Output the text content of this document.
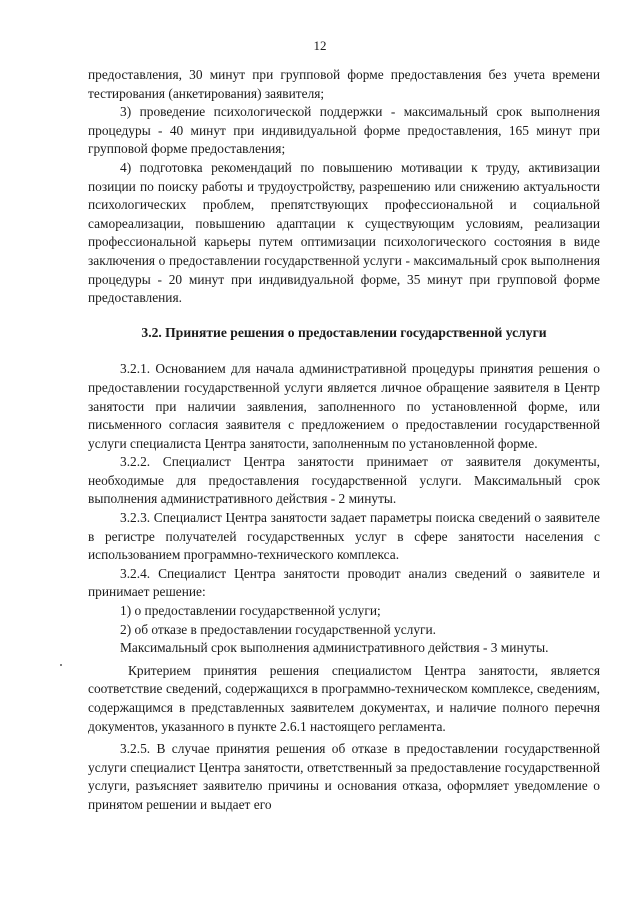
12

предоставления, 30 минут при групповой форме предоставления без учета времени тестирования (анкетирования) заявителя;

3) проведение психологической поддержки - максимальный срок выполнения процедуры - 40 минут при индивидуальной форме предоставления, 165 минут при групповой форме предоставления;

4) подготовка рекомендаций по повышению мотивации к труду, активизации позиции по поиску работы и трудоустройству, разрешению или снижению актуальности психологических проблем, препятствующих профессиональной и социальной самореализации, повышению адаптации к существующим условиям, реализации профессиональной карьеры путем оптимизации психологического состояния в виде заключения о предоставлении государственной услуги - максимальный срок выполнения процедуры - 20 минут при индивидуальной форме, 35 минут при групповой форме предоставления.

3.2. Принятие решения о предоставлении государственной услуги

3.2.1. Основанием для начала административной процедуры принятия решения о предоставлении государственной услуги является личное обращение заявителя в Центр занятости при наличии заявления, заполненного по установленной форме, или письменного согласия заявителя с предложением о предоставлении государственной услуги специалиста Центра занятости, заполненным по установленной форме.

3.2.2. Специалист Центра занятости принимает от заявителя документы, необходимые для предоставления государственной услуги. Максимальный срок выполнения административного действия - 2 минуты.

3.2.3. Специалист Центра занятости задает параметры поиска сведений о заявителе в регистре получателей государственных услуг в сфере занятости населения с использованием программно-технического комплекса.

3.2.4. Специалист Центра занятости проводит анализ сведений о заявителе и принимает решение:

1) о предоставлении государственной услуги;

2) об отказе в предоставлении государственной услуги.

Максимальный срок выполнения административного действия - 3 минуты.

Критерием принятия решения специалистом Центра занятости, является соответствие сведений, содержащихся в программно-техническом комплексе, сведениям, содержащимся в представленных заявителем документах, и наличие полного перечня документов, указанного в пункте 2.6.1 настоящего регламента.

3.2.5. В случае принятия решения об отказе в предоставлении государственной услуги специалист Центра занятости, ответственный за предоставление государственной услуги, разъясняет заявителю причины и основания отказа, оформляет уведомление о принятом решении и выдает его
